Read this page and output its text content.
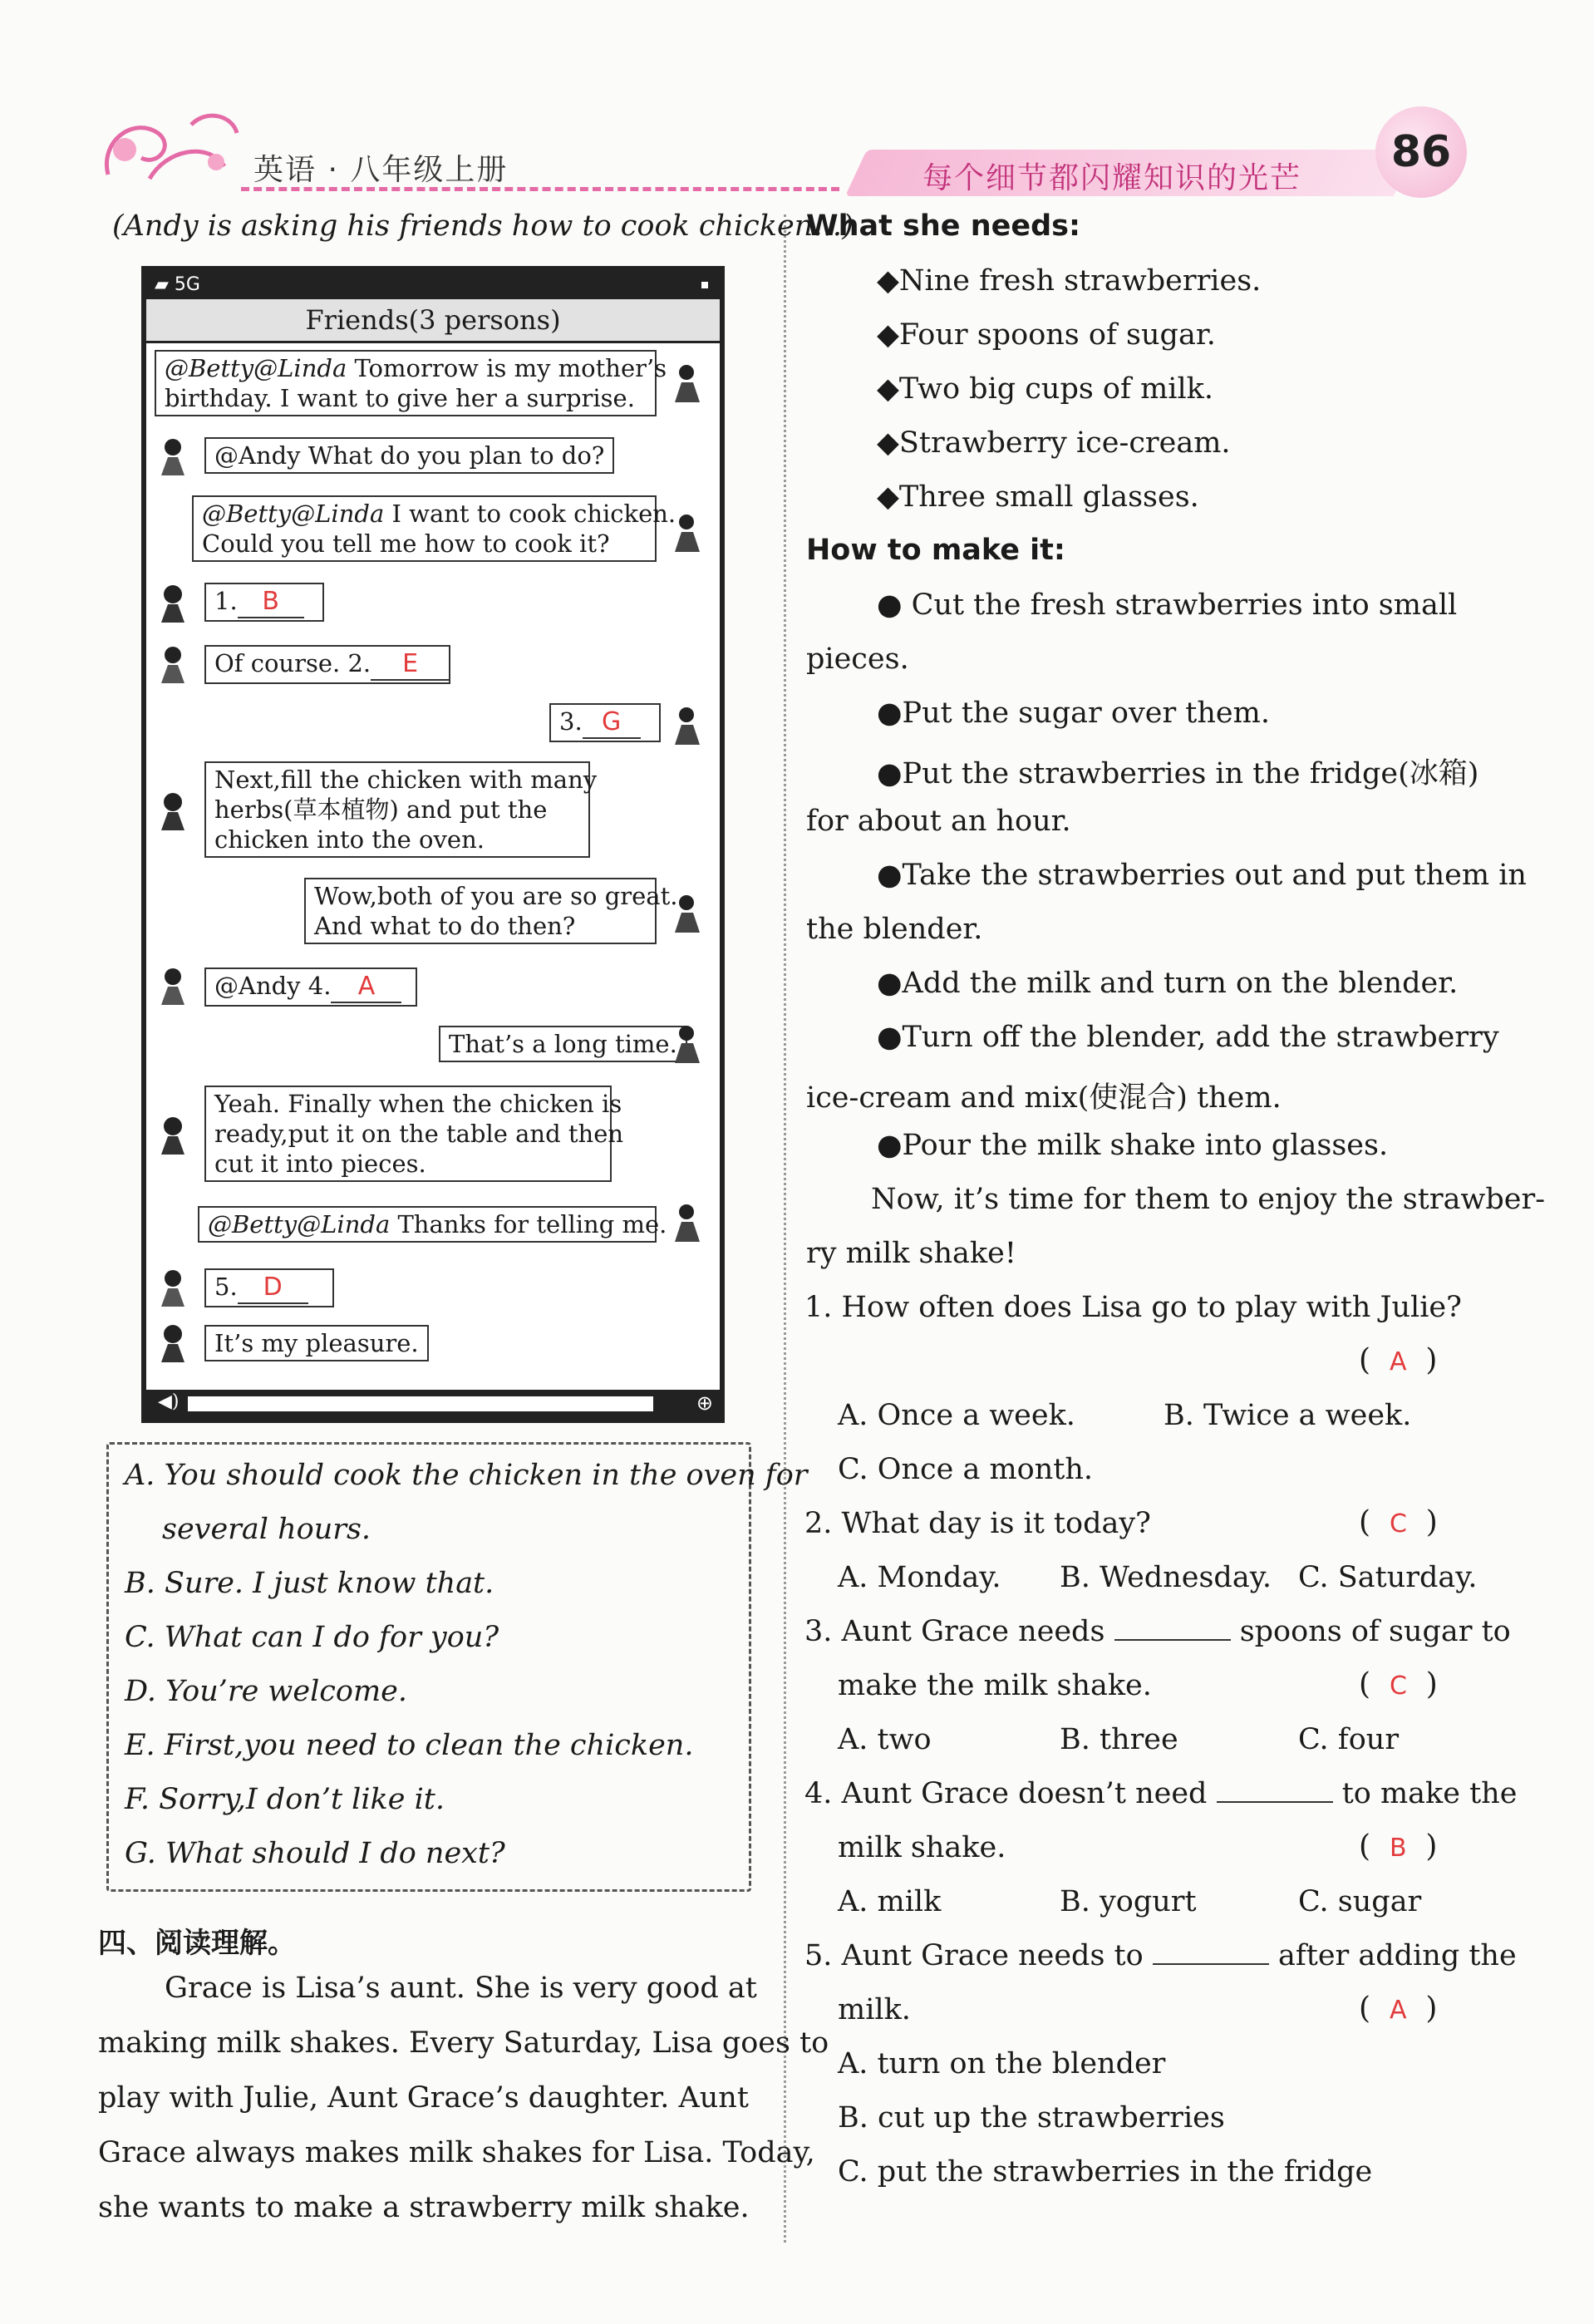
英语 · 八年级上册	每个细节都闪耀知识的光芒
86
(Andy is asking his friends how to cook chicken…)
▰ 5G
Friends(3 persons)
@Betty@Linda Tomorrow is my mother’s
birthday. I want to give her a surprise.
@Andy What do you plan to do?
@Betty@Linda I want to cook chicken.
Could you tell me how to cook it?
1. B
Of course. 2. E
3. G
Next,fill the chicken with many
herbs(草本植物) and put the
chicken into the oven.
Wow,both of you are so great.
And what to do then?
@Andy 4. A
That’s a long time.
Yeah. Finally when the chicken is
ready,put it on the table and then
cut it into pieces.
@Betty@Linda Thanks for telling me.
5. D
It’s my pleasure.
◀)	⊕
A. You should cook the chicken in the oven for
several hours.
B. Sure. I just know that.
C. What can I do for you?
D. You’re welcome.
E. First,you need to clean the chicken.
F. Sorry,I don’t like it.
G. What should I do next?
四、阅读理解。
Grace is Lisa’s aunt. She is very good at
making milk shakes. Every Saturday, Lisa goes to
play with Julie, Aunt Grace’s daughter. Aunt
Grace always makes milk shakes for Lisa. Today,
she wants to make a strawberry milk shake.
What she needs:
◆Nine fresh strawberries.
◆Four spoons of sugar.
◆Two big cups of milk.
◆Strawberry ice-cream.
◆Three small glasses.
How to make it:
● Cut the fresh strawberries into small
pieces.
●Put the sugar over them.
●Put the strawberries in the fridge(冰箱)
for about an hour.
●Take the strawberries out and put them in
the blender.
●Add the milk and turn on the blender.
●Turn off the blender, add the strawberry
ice-cream and mix(使混合) them.
●Pour the milk shake into glasses.
Now, it’s time for them to enjoy the strawber-
ry milk shake!
1. How often does Lisa go to play with Julie?
(  A  )
A. Once a week.	B. Twice a week.
C. Once a month.
2. What day is it today?	(  C  )
A. Monday. B. Wednesday. C. Saturday.
3. Aunt Grace needs	spoons of sugar to
make the milk shake.	(  C  )
A. two	B. three	C. four
4. Aunt Grace doesn’t need	to make the
milk shake.	(  B  )
A. milk	B. yogurt	C. sugar
5. Aunt Grace needs to	after adding the
milk.	(  A  )
A. turn on the blender
B. cut up the strawberries
C. put the strawberries in the fridge
